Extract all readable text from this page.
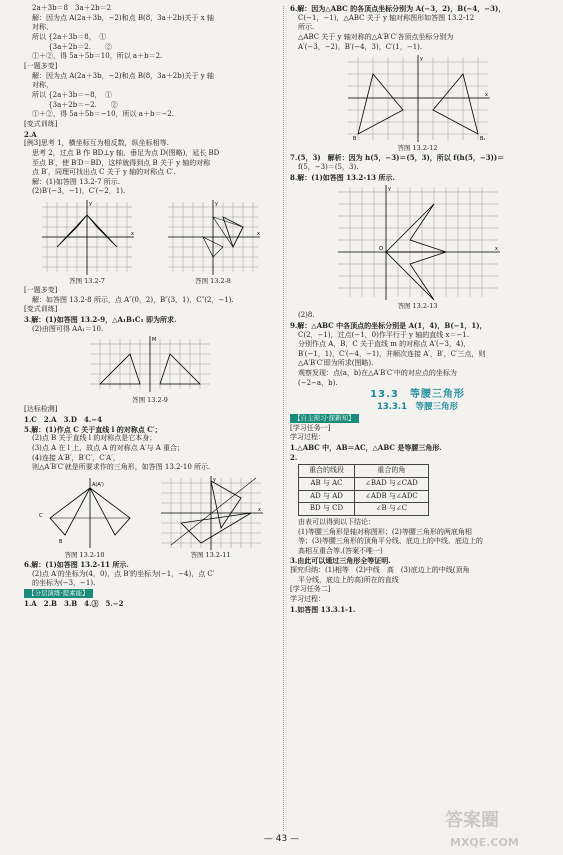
2a＋3b＝8　3a＋2b＝2

解：因为点 A(2a＋3b，−2)和点 B(8，3a＋2b)关于 x 轴

对称，

所以 {2a＋3b＝8，　①

　　 {3a＋2b＝2.　　②

①＋②，得 5a＋5b＝10，所以 a＋b＝2.

[一题多变]

解：因为点 A(2a＋3b，−2)和点 B(8，3a＋2b)关于 y 轴

对称，

所以 {2a＋3b＝−8，　①

　　 {3a＋2b＝−2.　　②

①＋②，得 5a＋5b＝−10，所以 a＋b＝−2.

[变式训练]

2.A

[例3]思考 1，横坐标互为相反数，纵坐标相等.

思考 2，过点 B 作 BD⊥y 轴，垂足为点 D(图略)，延长 BD

至点 B′，使 B′D＝BD，这样就得到点 B 关于 y 轴的对称

点 B′，同理可找出点 C 关于 y 轴的对称点 C′.

解：(1)如答图 13.2-7 所示.

(2)B′(−3，−1)，C′(−2，1).

y
x
答图 13.2-7
y
x
答图 13.2-8

[一题多变]

解：如答图 13.2-8 所示，点 A″(0，2)，B″(3，1)，C″(2，−1).

[变式训练]

3.解：(1)如答图 13.2-9，△A₁B₁C₁ 即为所求.

(2)由图可得 AA₁＝10.

M
答图 13.2-9

[达标检测]

1.C　2.A　3.D　4.−4

5.解：(1)作点 C 关于直线 l 的对称点 C′；

(2)点 B 关于直线 l 的对称点是它本身；

(3)点 A 在 l 上，故点 A 的对称点 A′与 A 重合；

(4)连接 A′B′，B′C′，C′A′，

则△A′B′C′就是所要求作的三角形，如答图 13.2-10 所示.

A(A′)
C′
B
答图 13.2-10
y
x
答图 13.2-11

6.解：(1)如答图 13.2-11 所示.

(2)点 A′的坐标为(4，0)，点 B′的坐标为(−1，−4)，点 C′

的坐标为(−3，−1).

【分层演练·提素能】

1.A　2.B　3.B　4.③　5.−2

6.解：因为△ABC 的各顶点坐标分别为 A(−3，2)，B(−4，−3)，

C(−1，−1)，△ABC 关于 y 轴对称图形如答图 13.2-12

所示.

△ABC 关于 y 轴对称的△A′B′C′各顶点坐标分别为

A′(−3，−2)，B′(−4，3)，C′(1，−1).

y
x
B	B₁
答图 13.2-12

7.(5，3)　解析：因为 h(5，−3)＝(5，3)，所以 f(h(5，−3))＝

f(5，−3)＝(5，3).

8.解：(1)如答图 13.2-13 所示.

y
x
O
答图 13.2-13

(2)8.

9.解：△ABC 中各顶点的坐标分别是 A(1，4)，B(−1，1)，

C(2，−1)，过点(−1，0)作平行于 y 轴的直线 x＝−1.

分别作点 A，B，C 关于直线 m 的对称点 A′(−3，4)，

B′(−1，1)，C′(−4，−1)，并顺次连接 A′，B′，C′三点，则

△A′B′C′即为所求(图略).

观察发现：点(a，b)在△A′B′C′中的对应点的坐标为

(−2−a，b).

13.3　等腰三角形
13.3.1　等腰三角形

【自主预习·探新知】

[学习任务一]

学习过程：

1.△ABC 中，AB＝AC，△ABC 是等腰三角形.

2.

重合的线段	重合的角
AB 与 AC	∠BAD 与∠CAD
AD 与 AD	∠ADB 与∠ADC
BD 与 CD	∠B 与∠C

由表可以得到以下结论：

(1)等腰三角形是轴对称图形；(2)等腰三角形的两底角相

等；(3)等腰三角形的顶角平分线、底边上的中线、底边上的

高相互重合等.(答案不唯一)

3.由此可以通过三角形全等证明.

探究归纳：(1)相等　(2)中线　高　(3)底边上的中线(顶角

平分线，底边上的高)所在的直线

[学习任务二]

学习过程：

1.如答图 13.3.1-1.

— 43 —
答案圈
MXQE.COM
